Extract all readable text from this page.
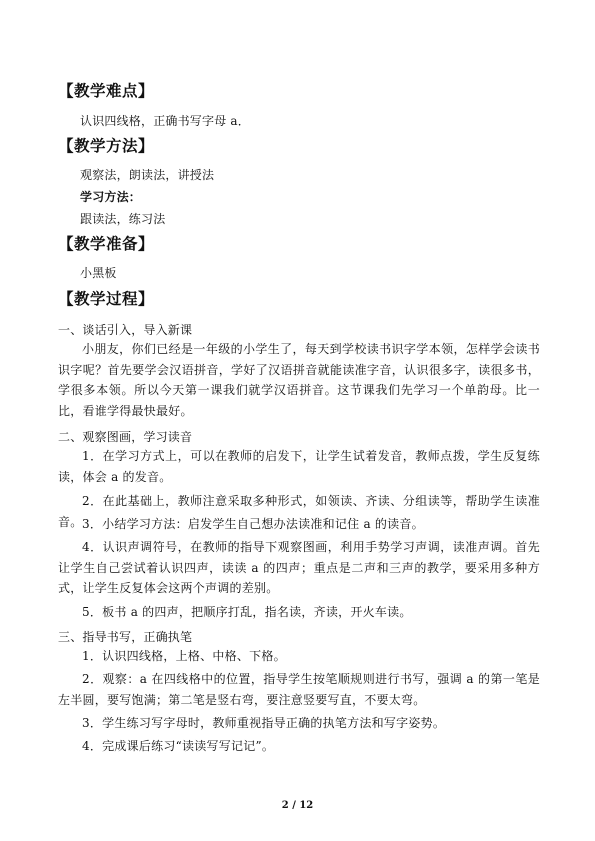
【教学难点】
认识四线格，正确书写字母 a．
【教学方法】
观察法，朗读法，讲授法
学习方法：
跟读法，练习法
【教学准备】
小黑板
【教学过程】
一、谈话引入，导入新课

小朋友，你们已经是一年级的小学生了，每天到学校读书识字学本领，怎样学会读书识字呢？首先要学会汉语拼音，学好了汉语拼音就能读准字音，认识很多字，读很多书，学很多本领。所以今天第一课我们就学汉语拼音。这节课我们先学习一个单韵母。比一比，看谁学得最快最好。

二、观察图画，学习读音

1．在学习方式上，可以在教师的启发下，让学生试着发音，教师点拨，学生反复练读，体会 a 的发音。

2．在此基础上，教师注意采取多种形式，如领读、齐读、分组读等，帮助学生读准音。 3．小结学习方法：启发学生自己想办法读准和记住 a 的读音。

4．认识声调符号，在教师的指导下观察图画，利用手势学习声调，读准声调。首先让学生自己尝试着认识四声，读读 a 的四声；重点是二声和三声的教学，要采用多种方式，让学生反复体会这两个声调的差别。

5．板书 a 的四声，把顺序打乱，指名读，齐读，开火车读。

三、指导书写，正确执笔

1．认识四线格，上格、中格、下格。

2．观察：a 在四线格中的位置，指导学生按笔顺规则进行书写，强调 a 的第一笔是左半圆，要写饱满；第二笔是竖右弯，要注意竖要写直，不要太弯。

3．学生练习写字母时，教师重视指导正确的执笔方法和写字姿势。

4．完成课后练习“读读写写记记”。

2 / 12
